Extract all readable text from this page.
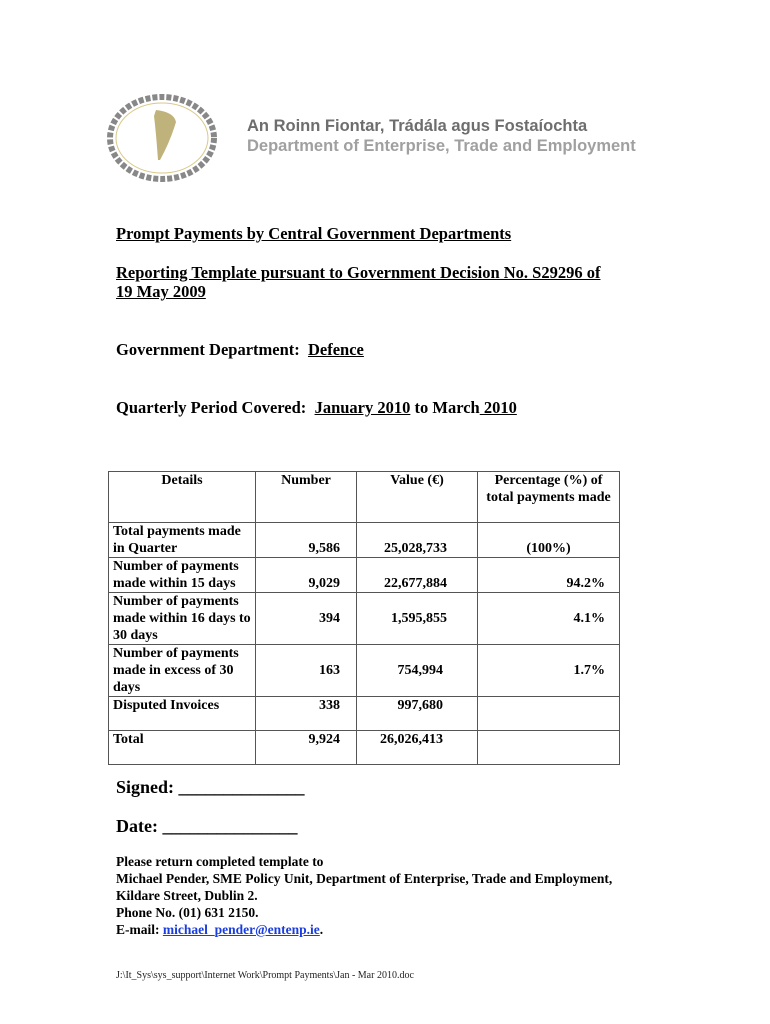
An Roinn Fiontar, Trádála agus Fostaíochta
Department of Enterprise, Trade and Employment
Prompt Payments by Central Government Departments
Reporting Template pursuant to Government Decision No. S29296 of
19 May 2009
Government Department: Defence
Quarterly Period Covered: January 2010 to March 2010
Details	Number	Value (€)	Percentage (%) of total payments made
Total payments made in Quarter	9,586	25,028,733	(100%)
Number of payments made within 15 days	9,029	22,677,884	94.2%
Number of payments made within 16 days to 30 days	394	1,595,855	4.1%
Number of payments made in excess of 30 days	163	754,994	1.7%
Disputed Invoices	338	997,680	
Total	9,924	26,026,413	
Signed: ______________
Date: _______________
Please return completed template to
Michael Pender, SME Policy Unit, Department of Enterprise, Trade and Employment,
Kildare Street, Dublin 2.
Phone No. (01) 631 2150.
E-mail: michael_pender@entenp.ie.
J:\It_Sys\sys_support\Internet Work\Prompt Payments\Jan - Mar 2010.doc
